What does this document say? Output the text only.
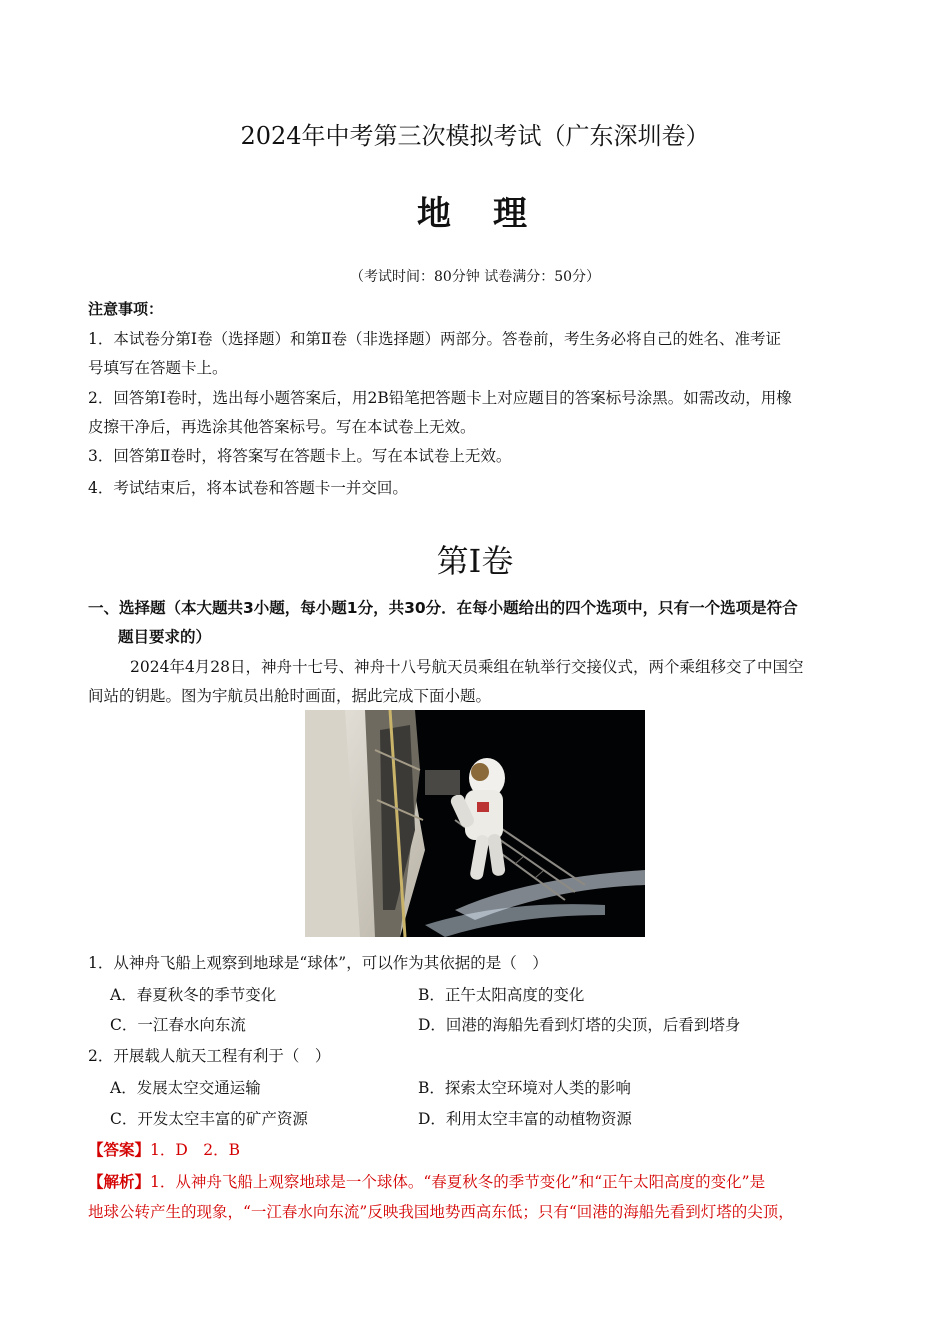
2024年中考第三次模拟考试（广东深圳卷）
地 理
（考试时间：80分钟 试卷满分：50分）
注意事项：
1．本试卷分第Ⅰ卷（选择题）和第Ⅱ卷（非选择题）两部分。答卷前，考生务必将自己的姓名、准考证
号填写在答题卡上。
2．回答第Ⅰ卷时，选出每小题答案后，用2B铅笔把答题卡上对应题目的答案标号涂黑。如需改动，用橡
皮擦干净后，再选涂其他答案标号。写在本试卷上无效。
3．回答第Ⅱ卷时，将答案写在答题卡上。写在本试卷上无效。
4．考试结束后，将本试卷和答题卡一并交回。
第Ⅰ卷
一、选择题（本大题共3小题，每小题1分，共30分．在每小题给出的四个选项中，只有一个选项是符合
题目要求的）
2024年4月28日，神舟十七号、神舟十八号航天员乘组在轨举行交接仪式，两个乘组移交了中国空
间站的钥匙。图为宇航员出舱时画面，据此完成下面小题。
1．从神舟飞船上观察到地球是“球体”，可以作为其依据的是（　）
A．春夏秋冬的季节变化	B．正午太阳高度的变化
C．一江春水向东流	D．回港的海船先看到灯塔的尖顶，后看到塔身
2．开展载人航天工程有利于（　）
A．发展太空交通运输	B．探索太空环境对人类的影响
C．开发太空丰富的矿产资源	D．利用太空丰富的动植物资源
【答案】1．D　2．B
【解析】1．从神舟飞船上观察地球是一个球体。“春夏秋冬的季节变化”和“正午太阳高度的变化”是
地球公转产生的现象，“一江春水向东流”反映我国地势西高东低；只有“回港的海船先看到灯塔的尖顶，
